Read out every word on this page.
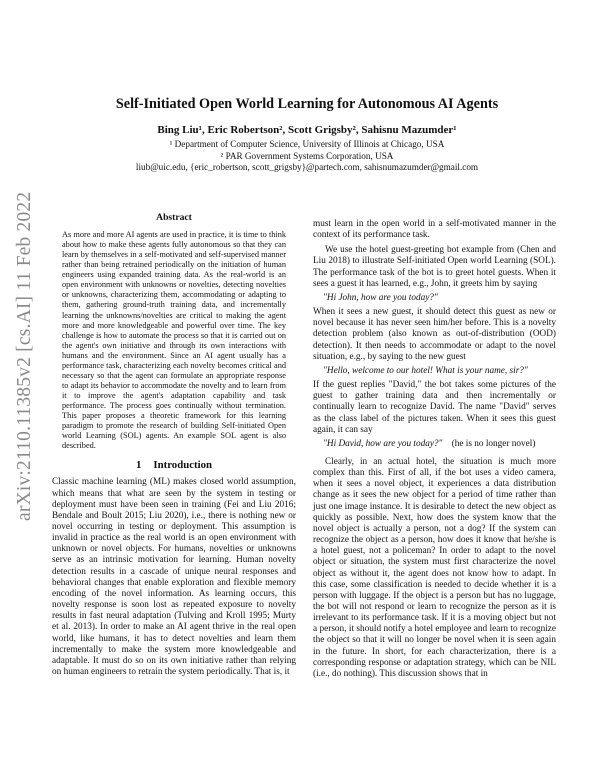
arXiv:2110.11385v2 [cs.AI] 11 Feb 2022
Self-Initiated Open World Learning for Autonomous AI Agents
Bing Liu¹, Eric Robertson², Scott Grigsby², Sahisnu Mazumder¹
¹ Department of Computer Science, University of Illinois at Chicago, USA
² PAR Government Systems Corporation, USA
liub@uic.edu, {eric_robertson, scott_grigsby}@partech.com, sahisnumazumder@gmail.com
Abstract

As more and more AI agents are used in practice, it is time to think about how to make these agents fully autonomous so that they can learn by themselves in a self-motivated and self-supervised manner rather than being retrained periodically on the initiation of human engineers using expanded training data. As the real-world is an open environment with unknowns or novelties, detecting novelties or unknowns, characterizing them, accommodating or adapting to them, gathering ground-truth training data, and incrementally learning the unknowns/novelties are critical to making the agent more and more knowledgeable and powerful over time. The key challenge is how to automate the process so that it is carried out on the agent's own initiative and through its own interactions with humans and the environment. Since an AI agent usually has a performance task, characterizing each novelty becomes critical and necessary so that the agent can formulate an appropriate response to adapt its behavior to accommodate the novelty and to learn from it to improve the agent's adaptation capability and task performance. The process goes continually without termination. This paper proposes a theoretic framework for this learning paradigm to promote the research of building Self-initiated Open world Learning (SOL) agents. An example SOL agent is also described.

1 Introduction

Classic machine learning (ML) makes closed world assumption, which means that what are seen by the system in testing or deployment must have been seen in training (Fei and Liu 2016; Bendale and Boult 2015; Liu 2020), i.e., there is nothing new or novel occurring in testing or deployment. This assumption is invalid in practice as the real world is an open environment with unknown or novel objects. For humans, novelties or unknowns serve as an intrinsic motivation for learning. Human novelty detection results in a cascade of unique neural responses and behavioral changes that enable exploration and flexible memory encoding of the novel information. As learning occurs, this novelty response is soon lost as repeated exposure to novelty results in fast neural adaptation (Tulving and Kroll 1995; Murty et al. 2013). In order to make an AI agent thrive in the real open world, like humans, it has to detect novelties and learn them incrementally to make the system more knowledgeable and adaptable. It must do so on its own initiative rather than relying on human engineers to retrain the system periodically. That is, it

must learn in the open world in a self-motivated manner in the context of its performance task.

We use the hotel guest-greeting bot example from (Chen and Liu 2018) to illustrate Self-initiated Open world Learning (SOL). The performance task of the bot is to greet hotel guests. When it sees a guest it has learned, e.g., John, it greets him by saying

"Hi John, how are you today?"

When it sees a new guest, it should detect this guest as new or novel because it has never seen him/her before. This is a novelty detection problem (also known as out-of-distribution (OOD) detection). It then needs to accommodate or adapt to the novel situation, e.g., by saying to the new guest

"Hello, welcome to our hotel! What is your name, sir?"

If the guest replies "David," the bot takes some pictures of the guest to gather training data and then incrementally or continually learn to recognize David. The name "David" serves as the class label of the pictures taken. When it sees this guest again, it can say

"Hi David, how are you today?" (he is no longer novel)

Clearly, in an actual hotel, the situation is much more complex than this. First of all, if the bot uses a video camera, when it sees a novel object, it experiences a data distribution change as it sees the new object for a period of time rather than just one image instance. It is desirable to detect the new object as quickly as possible. Next, how does the system know that the novel object is actually a person, not a dog? If the system can recognize the object as a person, how does it know that he/she is a hotel guest, not a policeman? In order to adapt to the novel object or situation, the system must first characterize the novel object as without it, the agent does not know how to adapt. In this case, some classification is needed to decide whether it is a person with luggage. If the object is a person but has no luggage, the bot will not respond or learn to recognize the person as it is irrelevant to its performance task. If it is a moving object but not a person, it should notify a hotel employee and learn to recognize the object so that it will no longer be novel when it is seen again in the future. In short, for each characterization, there is a corresponding response or adaptation strategy, which can be NIL (i.e., do nothing). This discussion shows that in
